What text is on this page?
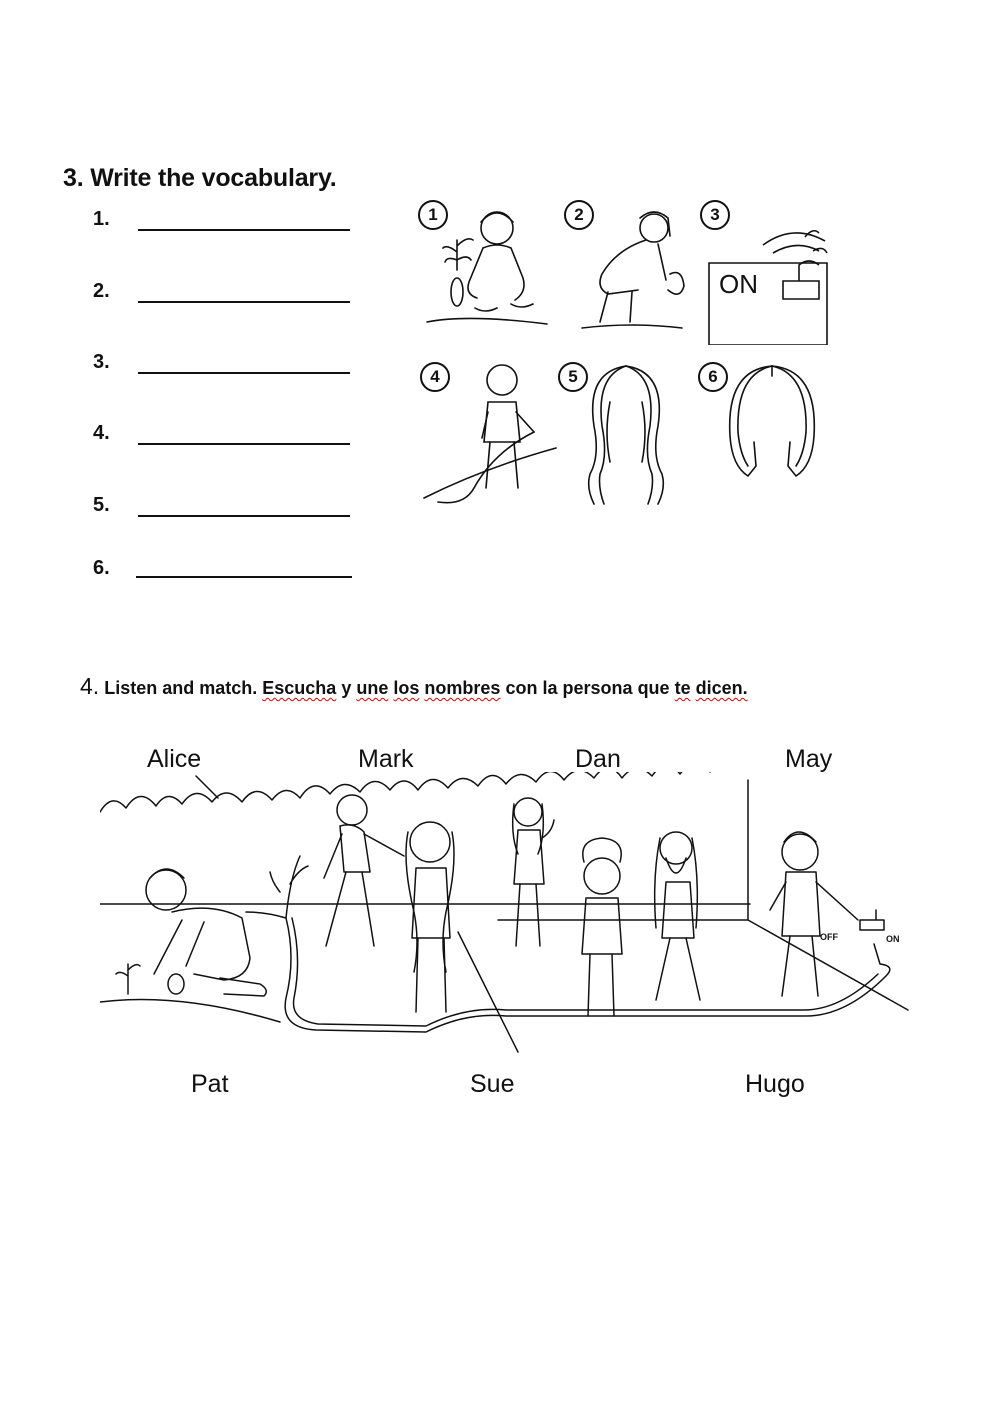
3. Write the vocabulary.
1.
2.
3.
4.
5.
6.
1	2
ON
3
4	5	6
4. Listen and match. Escucha y une los nombres con la persona que te dicen.
Alice	Mark	Dan	May
OFF	ON
Pat	Sue	Hugo
